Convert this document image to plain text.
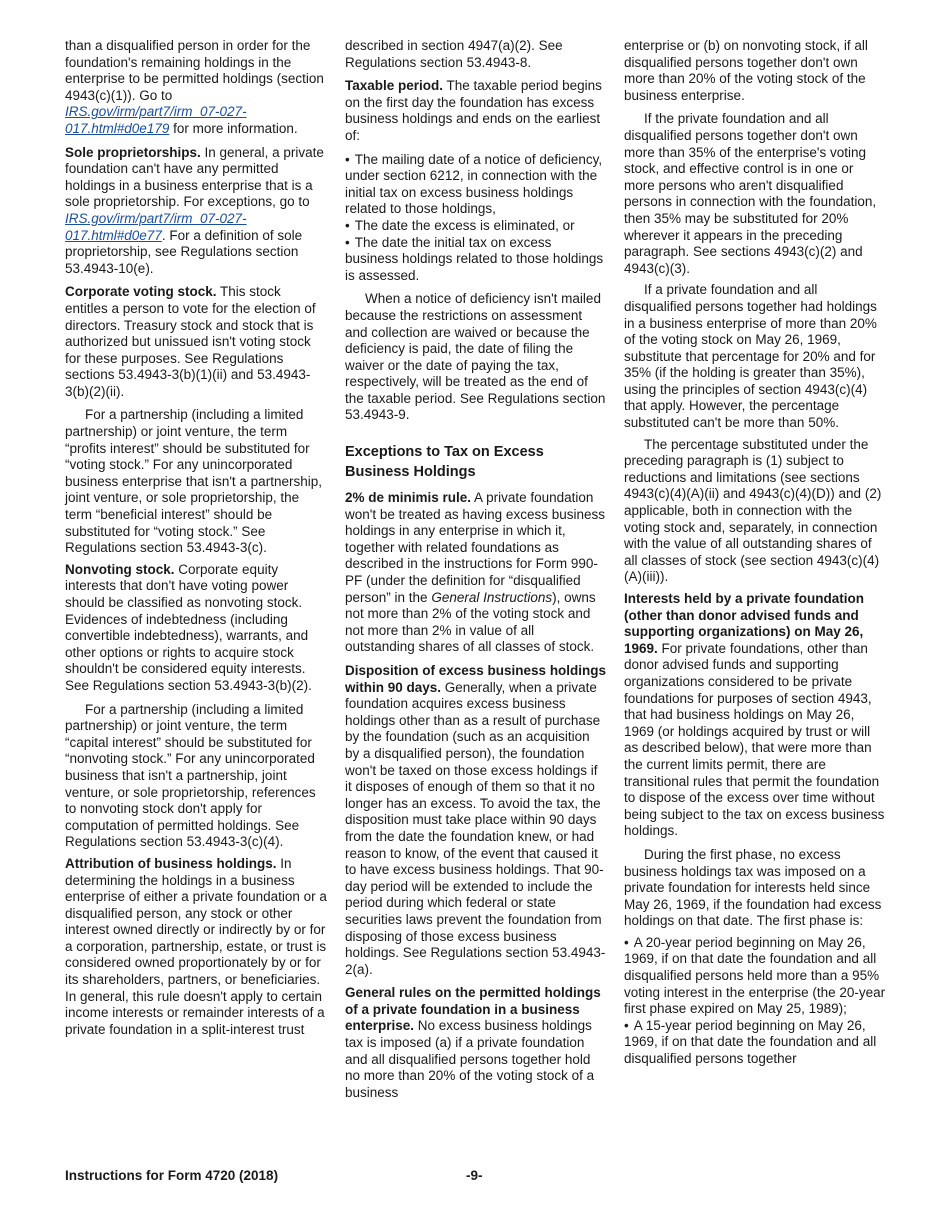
than a disqualified person in order for the foundation's remaining holdings in the enterprise to be permitted holdings (section 4943(c)(1)). Go to IRS.gov/irm/part7/irm_07-027-017.html#d0e179 for more information.

Sole proprietorships. In general, a private foundation can't have any permitted holdings in a business enterprise that is a sole proprietorship. For exceptions, go to IRS.gov/irm/part7/irm_07-027-017.html#d0e77. For a definition of sole proprietorship, see Regulations section 53.4943-10(e).

Corporate voting stock. This stock entitles a person to vote for the election of directors. Treasury stock and stock that is authorized but unissued isn't voting stock for these purposes. See Regulations sections 53.4943-3(b)(1)(ii) and 53.4943-3(b)(2)(ii).

For a partnership (including a limited partnership) or joint venture, the term “profits interest” should be substituted for “voting stock.” For any unincorporated business enterprise that isn't a partnership, joint venture, or sole proprietorship, the term “beneficial interest” should be substituted for “voting stock.” See Regulations section 53.4943-3(c).

Nonvoting stock. Corporate equity interests that don't have voting power should be classified as nonvoting stock. Evidences of indebtedness (including convertible indebtedness), warrants, and other options or rights to acquire stock shouldn't be considered equity interests. See Regulations section 53.4943-3(b)(2).

For a partnership (including a limited partnership) or joint venture, the term “capital interest” should be substituted for “nonvoting stock.” For any unincorporated business that isn't a partnership, joint venture, or sole proprietorship, references to nonvoting stock don't apply for computation of permitted holdings. See Regulations section 53.4943-3(c)(4).

Attribution of business holdings. In determining the holdings in a business enterprise of either a private foundation or a disqualified person, any stock or other interest owned directly or indirectly by or for a corporation, partnership, estate, or trust is considered owned proportionately by or for its shareholders, partners, or beneficiaries. In general, this rule doesn't apply to certain income interests or remainder interests of a private foundation in a split-interest trust

described in section 4947(a)(2). See Regulations section 53.4943-8.

Taxable period. The taxable period begins on the first day the foundation has excess business holdings and ends on the earliest of:

• The mailing date of a notice of deficiency, under section 6212, in connection with the initial tax on excess business holdings related to those holdings,

• The date the excess is eliminated, or

• The date the initial tax on excess business holdings related to those holdings is assessed.

When a notice of deficiency isn't mailed because the restrictions on assessment and collection are waived or because the deficiency is paid, the date of filing the waiver or the date of paying the tax, respectively, will be treated as the end of the taxable period. See Regulations section 53.4943-9.

Exceptions to Tax on Excess Business Holdings

2% de minimis rule. A private foundation won't be treated as having excess business holdings in any enterprise in which it, together with related foundations as described in the instructions for Form 990-PF (under the definition for “disqualified person” in the General Instructions), owns not more than 2% of the voting stock and not more than 2% in value of all outstanding shares of all classes of stock.

Disposition of excess business holdings within 90 days. Generally, when a private foundation acquires excess business holdings other than as a result of purchase by the foundation (such as an acquisition by a disqualified person), the foundation won't be taxed on those excess holdings if it disposes of enough of them so that it no longer has an excess. To avoid the tax, the disposition must take place within 90 days from the date the foundation knew, or had reason to know, of the event that caused it to have excess business holdings. That 90-day period will be extended to include the period during which federal or state securities laws prevent the foundation from disposing of those excess business holdings. See Regulations section 53.4943-2(a).

General rules on the permitted holdings of a private foundation in a business enterprise. No excess business holdings tax is imposed (a) if a private foundation and all disqualified persons together hold no more than 20% of the voting stock of a business

enterprise or (b) on nonvoting stock, if all disqualified persons together don't own more than 20% of the voting stock of the business enterprise.

If the private foundation and all disqualified persons together don't own more than 35% of the enterprise's voting stock, and effective control is in one or more persons who aren't disqualified persons in connection with the foundation, then 35% may be substituted for 20% wherever it appears in the preceding paragraph. See sections 4943(c)(2) and 4943(c)(3).

If a private foundation and all disqualified persons together had holdings in a business enterprise of more than 20% of the voting stock on May 26, 1969, substitute that percentage for 20% and for 35% (if the holding is greater than 35%), using the principles of section 4943(c)(4) that apply. However, the percentage substituted can't be more than 50%.

The percentage substituted under the preceding paragraph is (1) subject to reductions and limitations (see sections 4943(c)(4)(A)(ii) and 4943(c)(4)(D)) and (2) applicable, both in connection with the voting stock and, separately, in connection with the value of all outstanding shares of all classes of stock (see section 4943(c)(4)(A)(iii)).

Interests held by a private foundation (other than donor advised funds and supporting organizations) on May 26, 1969. For private foundations, other than donor advised funds and supporting organizations considered to be private foundations for purposes of section 4943, that had business holdings on May 26, 1969 (or holdings acquired by trust or will as described below), that were more than the current limits permit, there are transitional rules that permit the foundation to dispose of the excess over time without being subject to the tax on excess business holdings.

During the first phase, no excess business holdings tax was imposed on a private foundation for interests held since May 26, 1969, if the foundation had excess holdings on that date. The first phase is:

• A 20-year period beginning on May 26, 1969, if on that date the foundation and all disqualified persons held more than a 95% voting interest in the enterprise (the 20-year first phase expired on May 25, 1989);

• A 15-year period beginning on May 26, 1969, if on that date the foundation and all disqualified persons together

Instructions for Form 4720 (2018)	-9-
